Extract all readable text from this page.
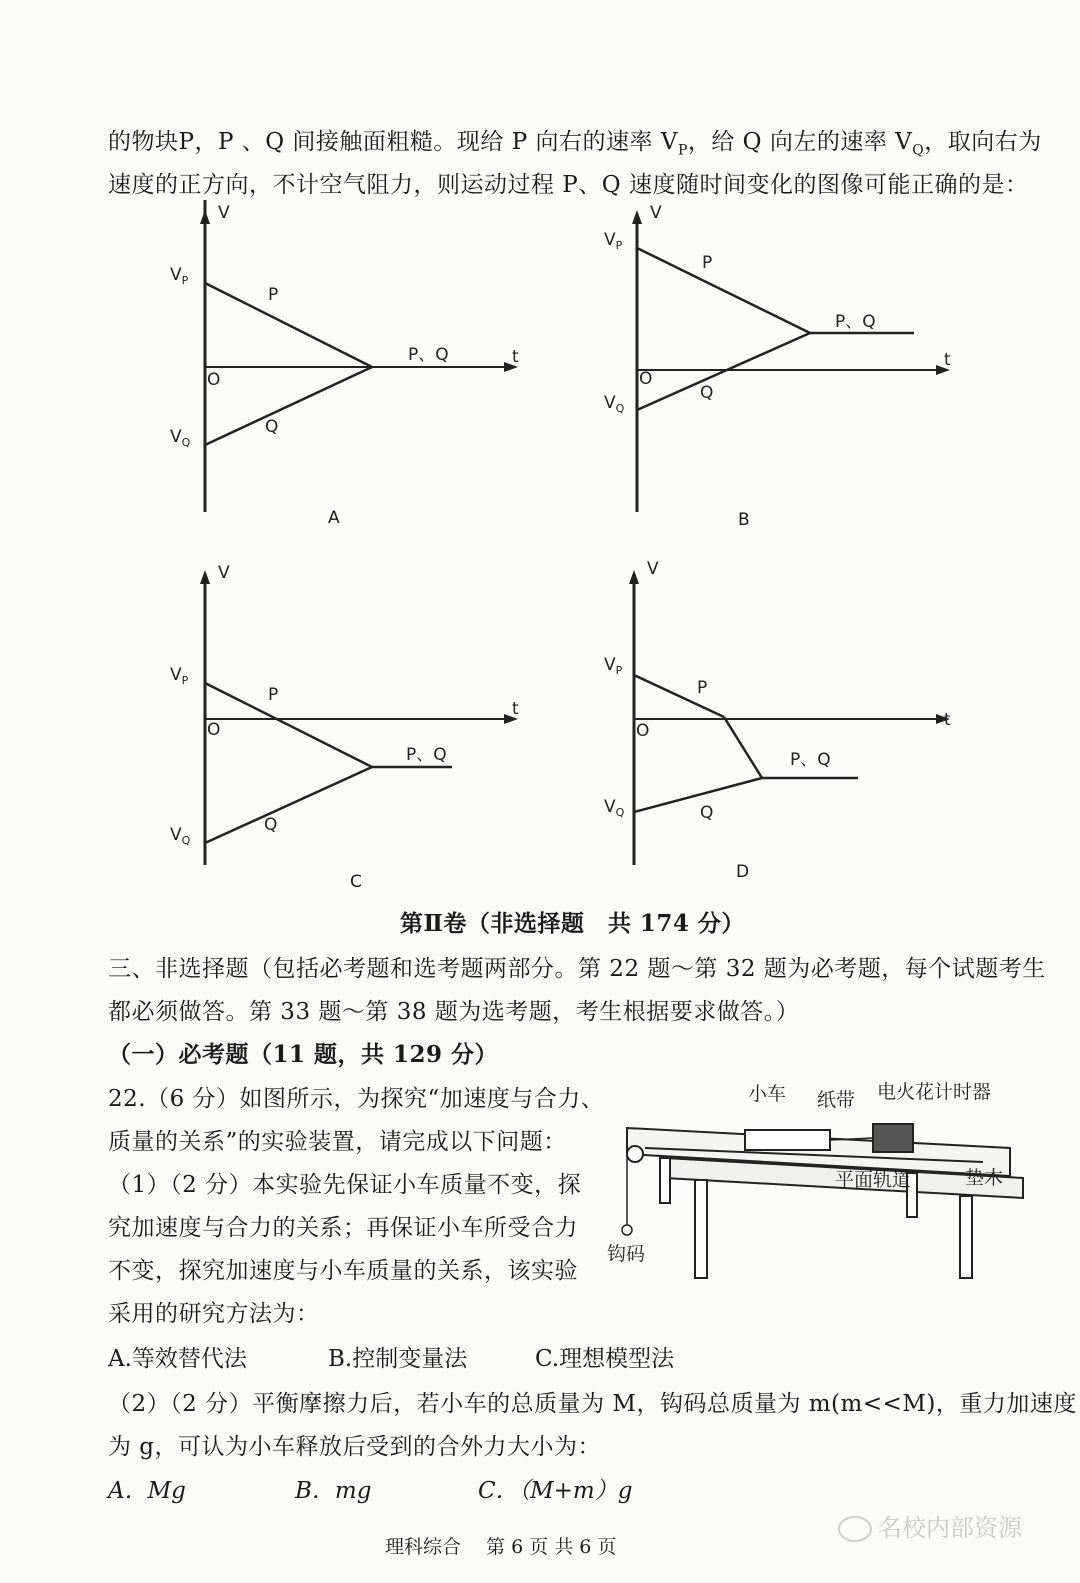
的物块P，P 、Q 间接触面粗糙。现给 P 向右的速率 $V_P$，给 Q 向左的速率 $V_Q$，取向右为
速度的正方向，不计空气阻力，则运动过程 P、Q 速度随时间变化的图像可能正确的是：
V
t
O
$V_P$
$V_Q$
P
Q
P、Q
A
V
t
O
$V_P$
$V_Q$
P
Q
P、Q
B
V
t
O
$V_P$
$V_Q$
P
Q
P、Q
C
V
t
O
$V_P$
$V_Q$
P
Q
P、Q
D
第Ⅱ卷（非选择题　共 174 分）
三、非选择题（包括必考题和选考题两部分。第 22 题～第 32 题为必考题，每个试题考生
都必须做答。第 33 题～第 38 题为选考题，考生根据要求做答。）
（一）必考题（11 题，共 129 分）
22.（6 分）如图所示，为探究“加速度与合力、
质量的关系”的实验装置，请完成以下问题：
（1）（2 分）本实验先保证小车质量不变，探
究加速度与合力的关系；再保证小车所受合力
不变，探究加速度与小车质量的关系，该实验
采用的研究方法为：
A.等效替代法	B.控制变量法	C.理想模型法
（2）（2 分）平衡摩擦力后，若小车的总质量为 M，钩码总质量为 m(m<<M)，重力加速度
为 g，可认为小车释放后受到的合外力大小为：
A．Mg	B．mg	C．（M+m）g
小车 纸带 电火花计时器
平面轨道	垫木
钩码
理科综合　 第 6 页 共 6 页
名校内部资源
